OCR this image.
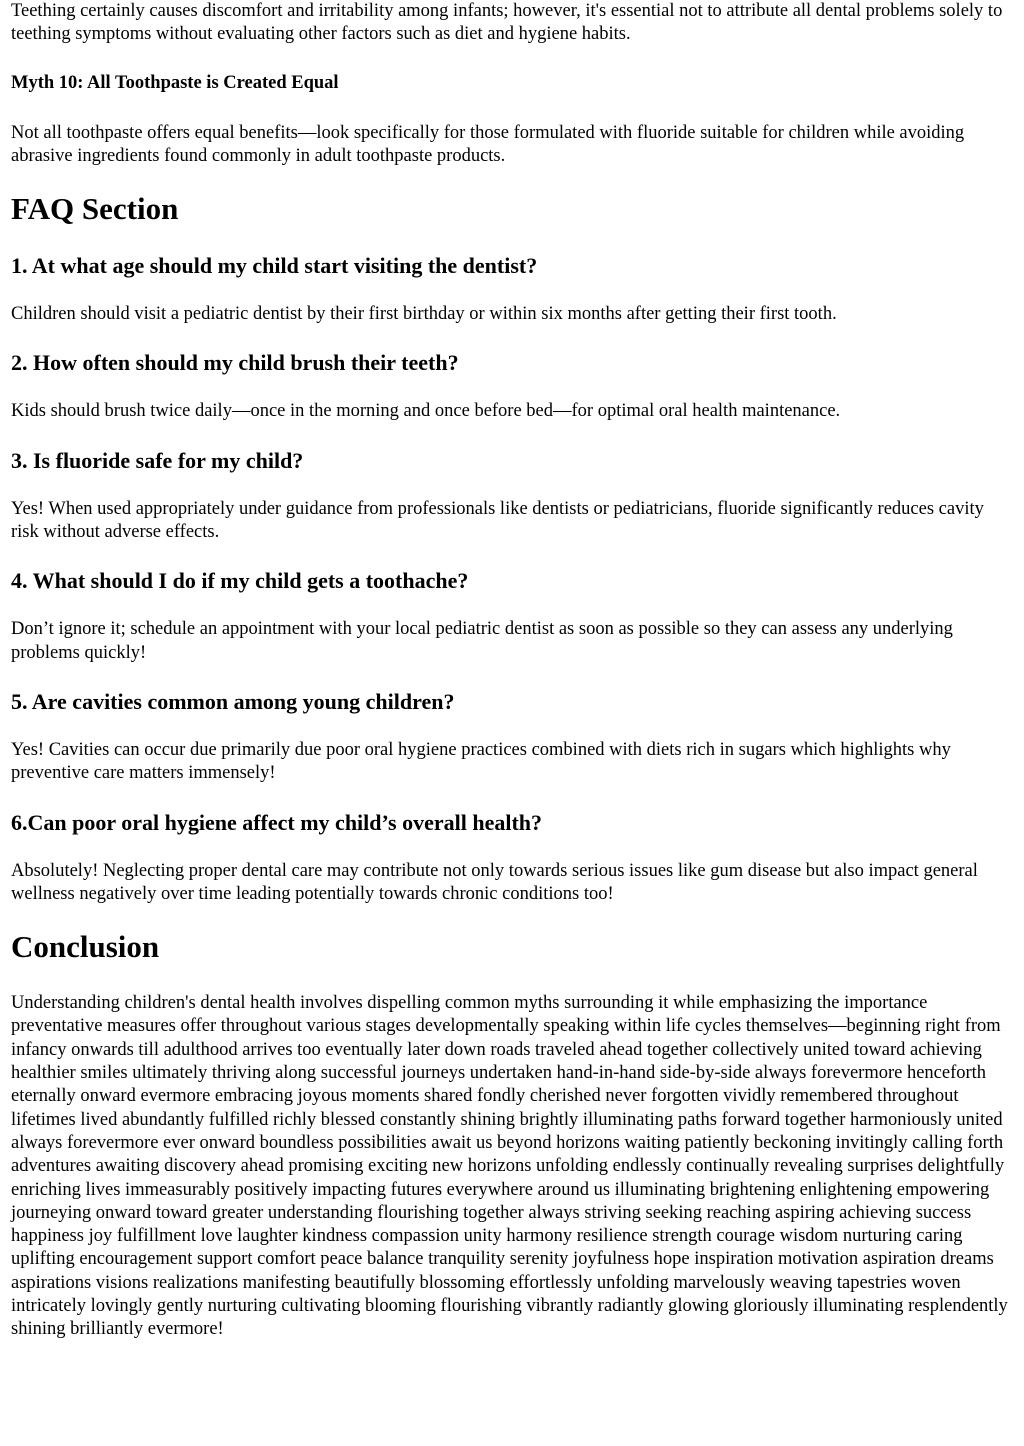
Teething certainly causes discomfort and irritability among infants; however, it's essential not to attribute all dental problems solely to teething symptoms without evaluating other factors such as diet and hygiene habits.

Myth 10: All Toothpaste is Created Equal

Not all toothpaste offers equal benefits—look specifically for those formulated with fluoride suitable for children while avoiding abrasive ingredients found commonly in adult toothpaste products.

FAQ Section
1. At what age should my child start visiting the dentist?

Children should visit a pediatric dentist by their first birthday or within six months after getting their first tooth.

2. How often should my child brush their teeth?

Kids should brush twice daily—once in the morning and once before bed—for optimal oral health maintenance.

3. Is fluoride safe for my child?

Yes! When used appropriately under guidance from professionals like dentists or pediatricians, fluoride significantly reduces cavity risk without adverse effects.

4. What should I do if my child gets a toothache?

Don’t ignore it; schedule an appointment with your local pediatric dentist as soon as possible so they can assess any underlying problems quickly!

5. Are cavities common among young children?

Yes! Cavities can occur due primarily due poor oral hygiene practices combined with diets rich in sugars which highlights why preventive care matters immensely!

6.Can poor oral hygiene affect my child’s overall health?

Absolutely! Neglecting proper dental care may contribute not only towards serious issues like gum disease but also impact general wellness negatively over time leading potentially towards chronic conditions too!

Conclusion

Understanding children's dental health involves dispelling common myths surrounding it while emphasizing the importance preventative measures offer throughout various stages developmentally speaking within life cycles themselves—beginning right from infancy onwards till adulthood arrives too eventually later down roads traveled ahead together collectively united toward achieving healthier smiles ultimately thriving along successful journeys undertaken hand-in-hand side-by-side always forevermore henceforth eternally onward evermore embracing joyous moments shared fondly cherished never forgotten vividly remembered throughout lifetimes lived abundantly fulfilled richly blessed constantly shining brightly illuminating paths forward together harmoniously united always forevermore ever onward boundless possibilities await us beyond horizons waiting patiently beckoning invitingly calling forth adventures awaiting discovery ahead promising exciting new horizons unfolding endlessly continually revealing surprises delightfully enriching lives immeasurably positively impacting futures everywhere around us illuminating brightening enlightening empowering journeying onward toward greater understanding flourishing together always striving seeking reaching aspiring achieving success happiness joy fulfillment love laughter kindness compassion unity harmony resilience strength courage wisdom nurturing caring uplifting encouragement support comfort peace balance tranquility serenity joyfulness hope inspiration motivation aspiration dreams aspirations visions realizations manifesting beautifully blossoming effortlessly unfolding marvelously weaving tapestries woven intricately lovingly gently nurturing cultivating blooming flourishing vibrantly radiantly glowing gloriously illuminating resplendently shining brilliantly evermore!
